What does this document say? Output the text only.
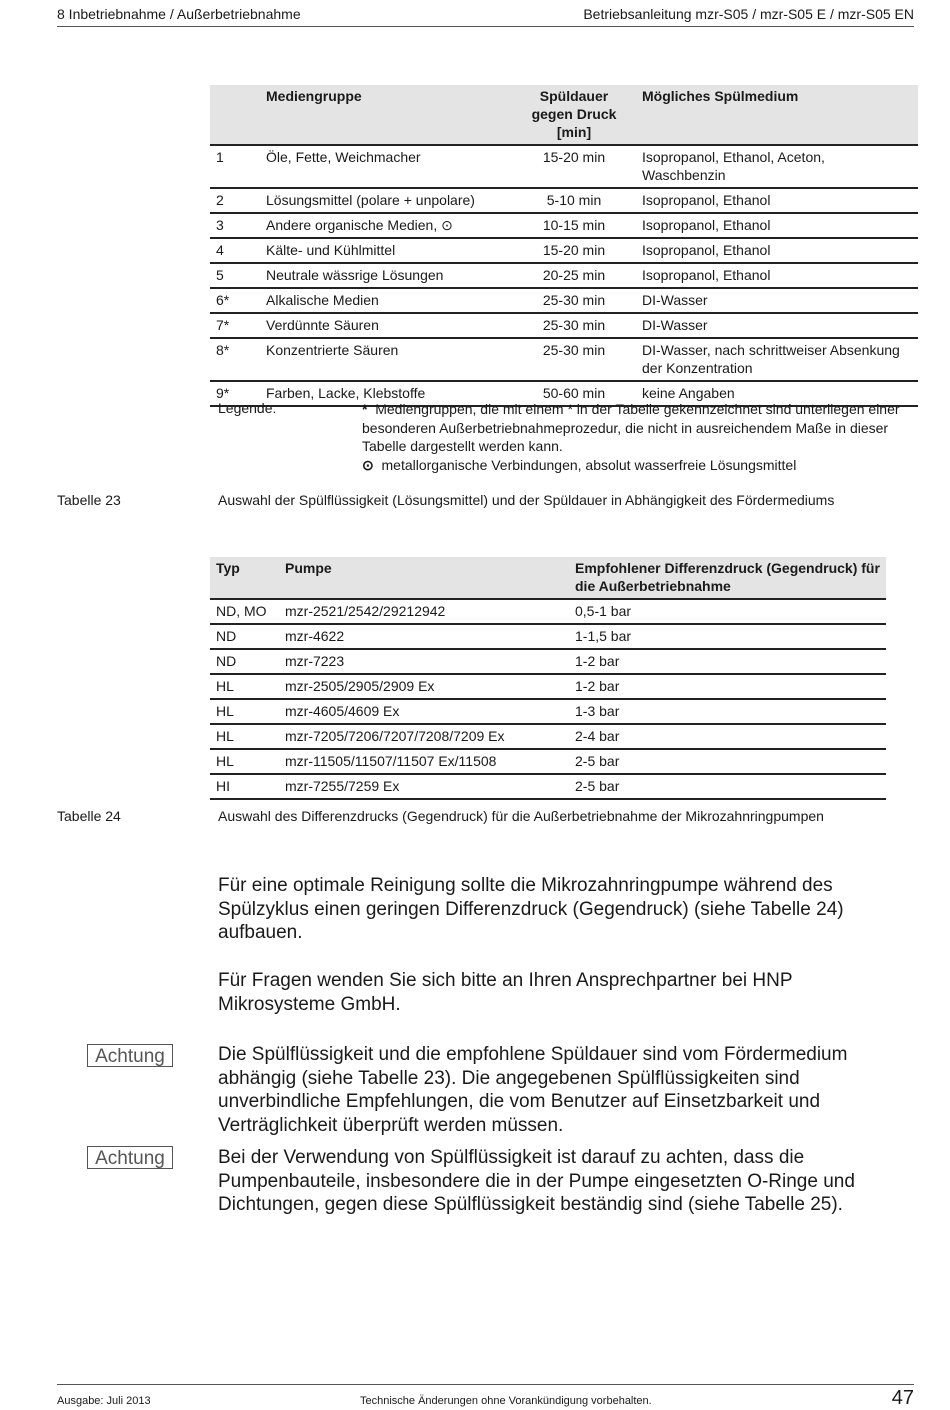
8 Inbetriebnahme / Außerbetriebnahme	Betriebsanleitung mzr-S05 / mzr-S05 E / mzr-S05 EN
	Mediengruppe	Spüldauer gegen Druck [min]	Mögliches Spülmedium
1	Öle, Fette, Weichmacher	15-20 min	Isopropanol, Ethanol, Aceton, Waschbenzin
2	Lösungsmittel (polare + unpolare)	5-10 min	Isopropanol, Ethanol
3	Andere organische Medien, ⊙	10-15 min	Isopropanol, Ethanol
4	Kälte- und Kühlmittel	15-20 min	Isopropanol, Ethanol
5	Neutrale wässrige Lösungen	20-25 min	Isopropanol, Ethanol
6*	Alkalische Medien	25-30 min	DI-Wasser
7*	Verdünnte Säuren	25-30 min	DI-Wasser
8*	Konzentrierte Säuren	25-30 min	DI-Wasser, nach schrittweiser Absenkung der Konzentration
9*	Farben, Lacke, Klebstoffe	50-60 min	keine Angaben
Legende:	* Mediengruppen, die mit einem * in der Tabelle gekennzeichnet sind unterliegen einer besonderen Außerbetriebnahmeprozedur, die nicht in ausreichendem Maße in dieser Tabelle dargestellt werden kann.

⊙ metallorganische Verbindungen, absolut wasserfreie Lösungsmittel

Tabelle 23	Auswahl der Spülflüssigkeit (Lösungsmittel) und der Spüldauer in Abhängigkeit des Fördermediums
Typ	Pumpe	Empfohlener Differenzdruck (Gegendruck) für die Außerbetriebnahme
ND, MO	mzr-2521/2542/29212942	0,5-1 bar
ND	mzr-4622	1-1,5 bar
ND	mzr-7223	1-2 bar
HL	mzr-2505/2905/2909 Ex	1-2 bar
HL	mzr-4605/4609 Ex	1-3 bar
HL	mzr-7205/7206/7207/7208/7209 Ex	2-4 bar
HL	mzr-11505/11507/11507 Ex/11508	2-5 bar
HI	mzr-7255/7259 Ex	2-5 bar
Tabelle 24	Auswahl des Differenzdrucks (Gegendruck) für die Außerbetriebnahme der Mikrozahnringpumpen

Für eine optimale Reinigung sollte die Mikrozahnringpumpe während des Spülzyklus einen geringen Differenzdruck (Gegendruck) (siehe Tabelle 24) aufbauen.

Für Fragen wenden Sie sich bitte an Ihren Ansprechpartner bei HNP Mikrosysteme GmbH.

Achtung	Die Spülflüssigkeit und die empfohlene Spüldauer sind vom Fördermedium abhängig (siehe Tabelle 23). Die angegebenen Spülflüssigkeiten sind unverbindliche Empfehlungen, die vom Benutzer auf Einsetzbarkeit und Verträglichkeit überprüft werden müssen.

Achtung	Bei der Verwendung von Spülflüssigkeit ist darauf zu achten, dass die Pumpenbauteile, insbesondere die in der Pumpe eingesetzten O-Ringe und Dichtungen, gegen diese Spülflüssigkeit beständig sind (siehe Tabelle 25).

Ausgabe: Juli 2013	Technische Änderungen ohne Vorankündigung vorbehalten.	47
